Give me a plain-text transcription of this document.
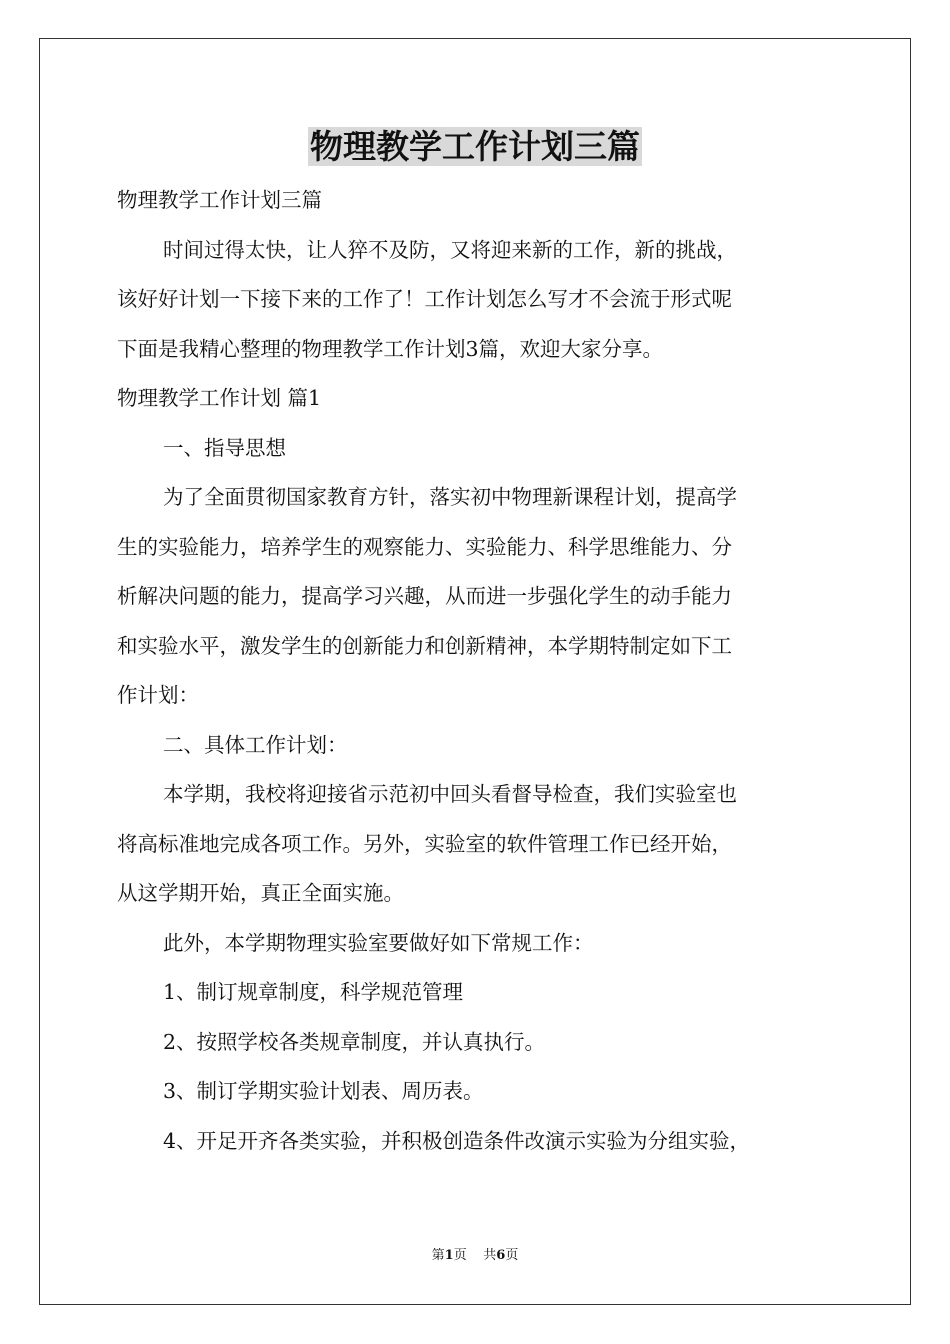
物理教学工作计划三篇

物理教学工作计划三篇

时间过得太快，让人猝不及防，又将迎来新的工作，新的挑战，

该好好计划一下接下来的工作了！工作计划怎么写才不会流于形式呢

下面是我精心整理的物理教学工作计划3篇，欢迎大家分享。

物理教学工作计划 篇1

一、指导思想

为了全面贯彻国家教育方针，落实初中物理新课程计划，提高学

生的实验能力，培养学生的观察能力、实验能力、科学思维能力、分

析解决问题的能力，提高学习兴趣，从而进一步强化学生的动手能力

和实验水平，激发学生的创新能力和创新精神，本学期特制定如下工

作计划：

二、具体工作计划：

本学期，我校将迎接省示范初中回头看督导检查，我们实验室也

将高标准地完成各项工作。另外，实验室的软件管理工作已经开始，

从这学期开始，真正全面实施。

此外，本学期物理实验室要做好如下常规工作：

1、制订规章制度，科学规范管理

2、按照学校各类规章制度，并认真执行。

3、制订学期实验计划表、周历表。

4、开足开齐各类实验，并积极创造条件改演示实验为分组实验，

第1页 共6页
